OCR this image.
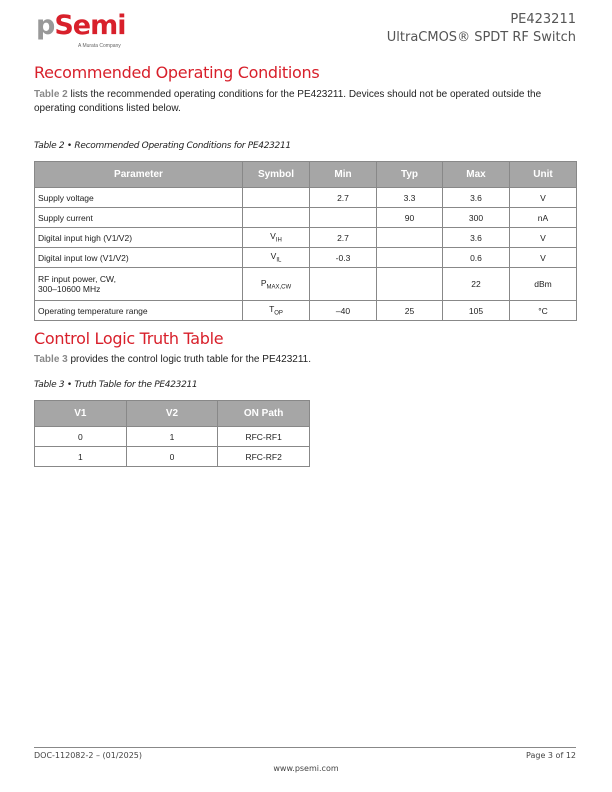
pSemi
A Murata Company
PE423211
UltraCMOS® SPDT RF Switch
Recommended Operating Conditions
Table 2 lists the recommended operating conditions for the PE423211. Devices should not be operated outside the operating conditions listed below.
Table 2 • Recommended Operating Conditions for PE423211
Parameter	Symbol	Min	Typ	Max	Unit
Supply voltage		2.7	3.3	3.6	V
Supply current			90	300	nA
Digital input high (V1/V2)	$V_{IH}$	2.7		3.6	V
Digital input low (V1/V2)	$V_{IL}$	-0.3		0.6	V
RF input power, CW,
300–10600 MHz	$P_{MAX,CW}$			22	dBm
Operating temperature range	$T_{OP}$	–40	25	105	°C
Control Logic Truth Table
Table 3 provides the control logic truth table for the PE423211.
Table 3 • Truth Table for the PE423211
V1	V2	ON Path
0	1	RFC-RF1
1	0	RFC-RF2
DOC-112082-2 – (01/2025)	Page 3 of 12
www.psemi.com
